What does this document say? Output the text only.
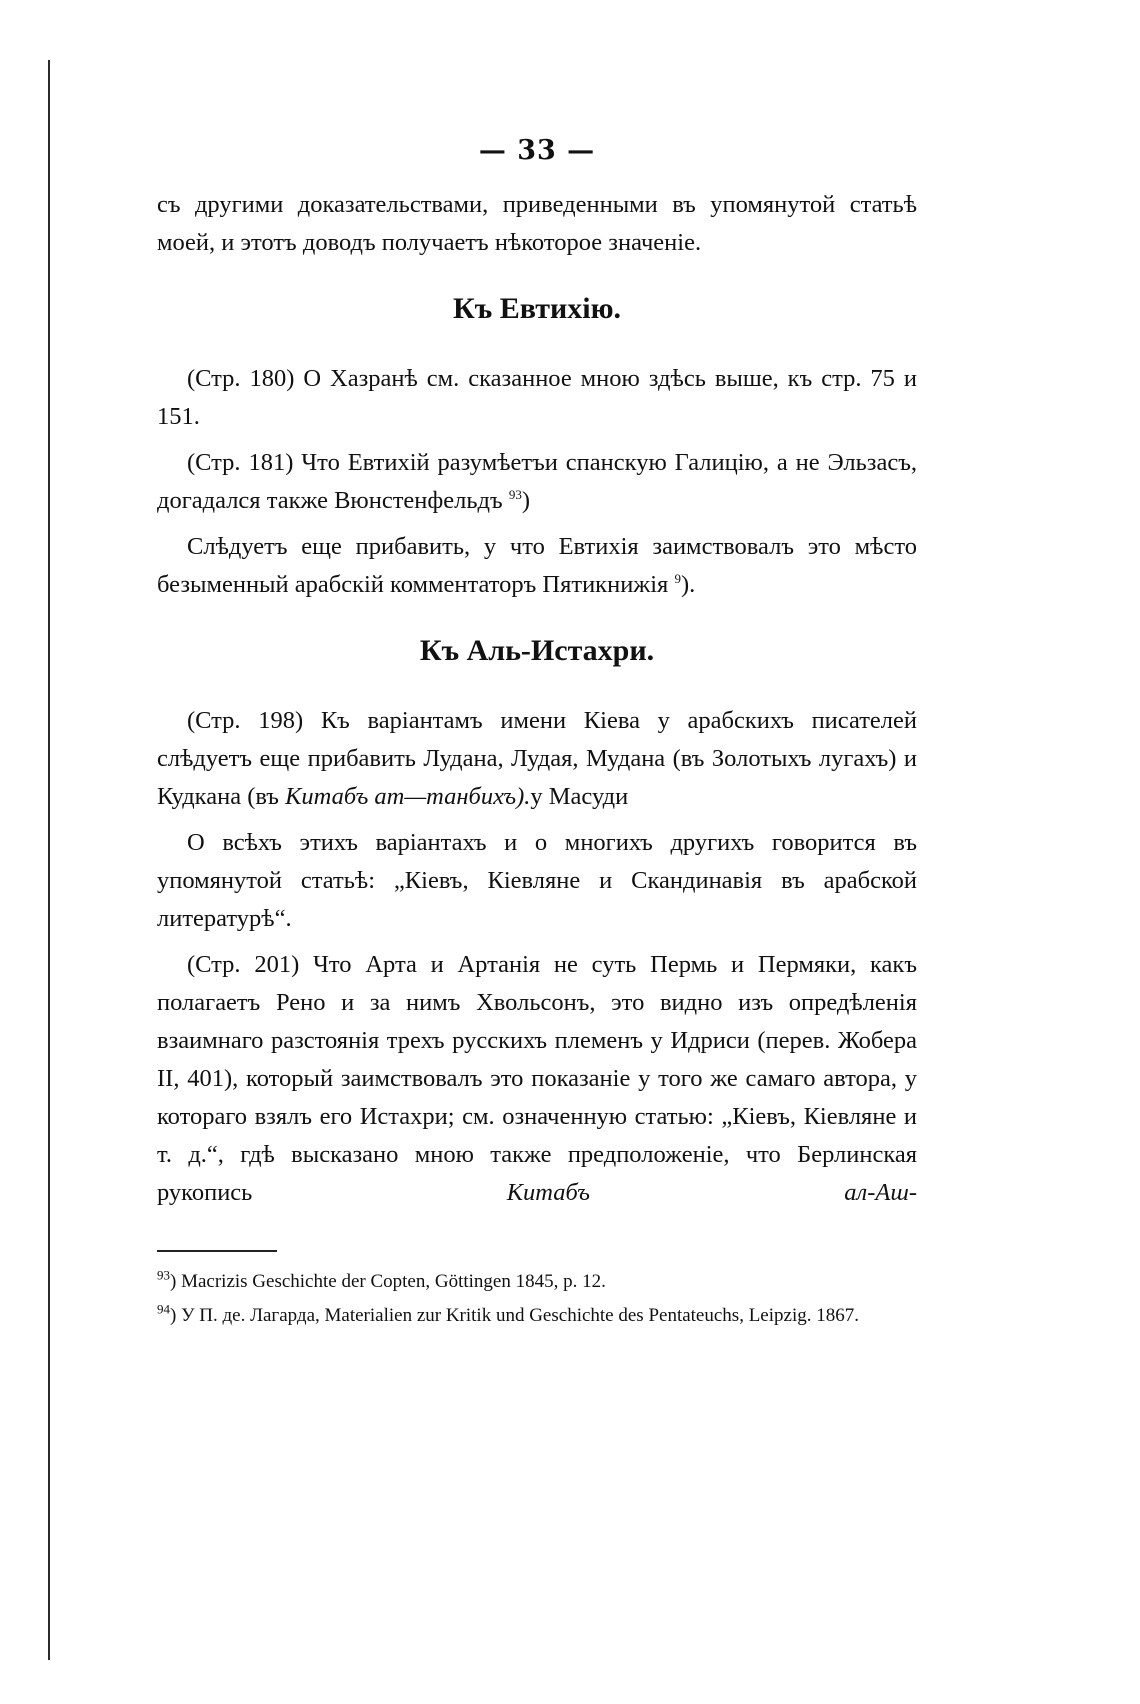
— 33 —

съ другими доказательствами, приведенными въ упомянутой статьѣ моей, и этотъ доводъ получаетъ нѣкоторое значеніе.

Къ Евтихію.

(Стр. 180) О Хазранѣ см. сказанное мною здѣсь выше, къ стр. 75 и 151.

(Стр. 181) Что Евтихій разумѣетъи спанскую Галицію, а не Эльзасъ, догадался также Вюнстенфельдъ $^{93}$)

Слѣдуетъ еще прибавить, у что Евтихія заимствовалъ это мѣсто безыменный арабскій комментаторъ Пятикнижія $^9$).

Къ Аль-Истахри.

(Стр. 198) Къ варіантамъ имени Кіева у арабскихъ писателей слѣдуетъ еще прибавить Лудана, Лудая, Мудана (въ Золотыхъ лугахъ) и Кудкана (въ Китабъ ат—танбихъ).у Масуди

О всѣхъ этихъ варіантахъ и о многихъ другихъ говорится въ упомянутой статьѣ: „Кіевъ, Кіевляне и Скандинавія въ арабской литературѣ“.

(Стр. 201) Что Арта и Артанія не суть Пермь и Пермяки, какъ полагаетъ Рено и за нимъ Хвольсонъ, это видно изъ опредѣленія взаимнаго разстоянія трехъ русскихъ племенъ у Идриси (перев. Жобера II, 401), который заимствовалъ это показаніе у того же самаго автора, у котораго взялъ его Истахри; см. означенную статью: „Кіевъ, Кіевляне и т. д.“, гдѣ высказано мною также предположеніе, что Берлинская рукопись	Китабъ ал-Аш-

$^{93}$) Macrizis Geschichte der Copten, Göttingen 1845, p. 12.

$^{94}$) У П. де. Лагарда, Materialien zur Kritik und Geschichte des Pentateuchs, Leipzig. 1867.
